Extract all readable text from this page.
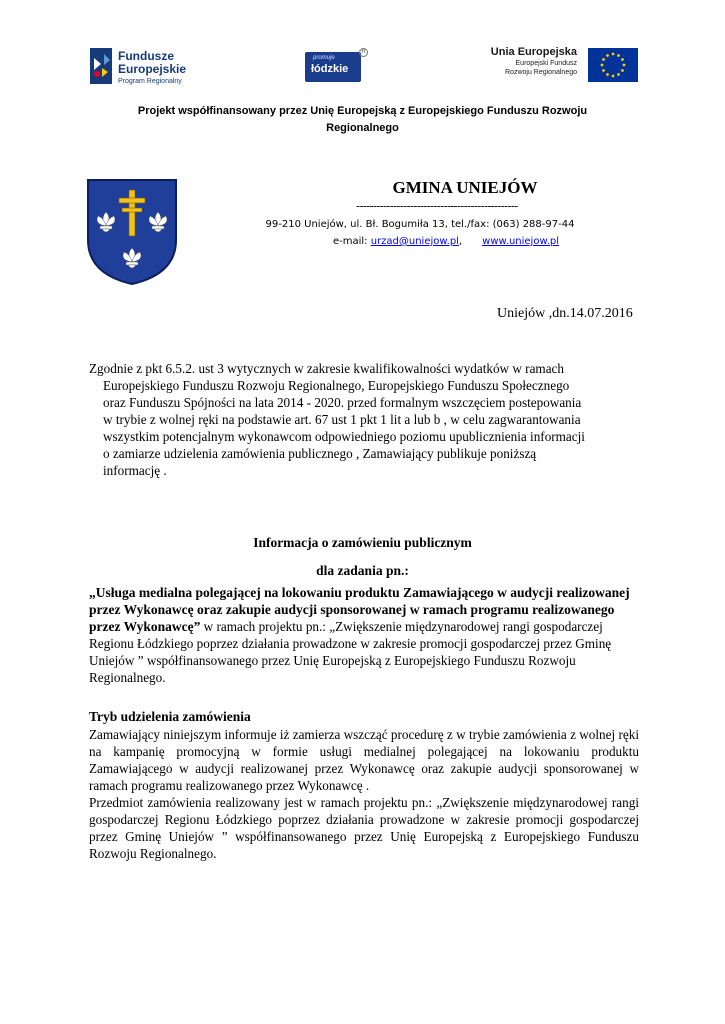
Fundusze
Europejskie
Program Regionalny
promuje
łódzkie
R	Unia Europejska
Europejski Fundusz
Rozwoju Regionalnego
Projekt współfinansowany przez Unię Europejską z Europejskiego Funduszu Rozwoju
Regionalnego
GMINA UNIEJÓW
------------------------------------------------
99-210 Uniejów, ul. Bł. Bogumiła 13, tel./fax: (063) 288-97-44
e-mail: urzad@uniejow.pl, www.uniejow.pl
Uniejów ,dn.14.07.2016
Zgodnie z pkt 6.5.2. ust 3 wytycznych w zakresie kwalifikowalności wydatków w ramach
Europejskiego Funduszu Rozwoju Regionalnego, Europejskiego Funduszu Społecznego
oraz Funduszu Spójności na lata 2014 - 2020. przed formalnym wszczęciem postepowania
w trybie z wolnej ręki na podstawie art. 67 ust 1 pkt 1 lit a lub b , w celu zagwarantowania
wszystkim potencjalnym wykonawcom odpowiedniego poziomu upublicznienia informacji
o zamiarze udzielenia zamówienia publicznego , Zamawiający publikuje poniższą
informację .
Informacja o zamówieniu publicznym
dla zadania pn.:
„Usługa medialna polegającej na lokowaniu produktu Zamawiającego w audycji realizowanej przez Wykonawcę oraz zakupie audycji sponsorowanej w ramach programu realizowanego przez Wykonawcę” w ramach projektu pn.: „Zwiększenie międzynarodowej rangi gospodarczej Regionu Łódzkiego poprzez działania prowadzone w zakresie promocji gospodarczej przez Gminę Uniejów ” współfinansowanego przez Unię Europejską z Europejskiego Funduszu Rozwoju Regionalnego.
Tryb udzielenia zamówienia
Zamawiający niniejszym informuje iż zamierza wszcząć procedurę z w trybie zamówienia z wolnej ręki na kampanię promocyjną w formie usługi medialnej polegającej na lokowaniu produktu Zamawiającego w audycji realizowanej przez Wykonawcę oraz zakupie audycji sponsorowanej w ramach programu realizowanego przez Wykonawcę .
Przedmiot zamówienia realizowany jest w ramach projektu pn.: „Zwiększenie międzynarodowej rangi gospodarczej Regionu Łódzkiego poprzez działania prowadzone w zakresie promocji gospodarczej przez Gminę Uniejów ” współfinansowanego przez Unię Europejską z Europejskiego Funduszu Rozwoju Regionalnego.
